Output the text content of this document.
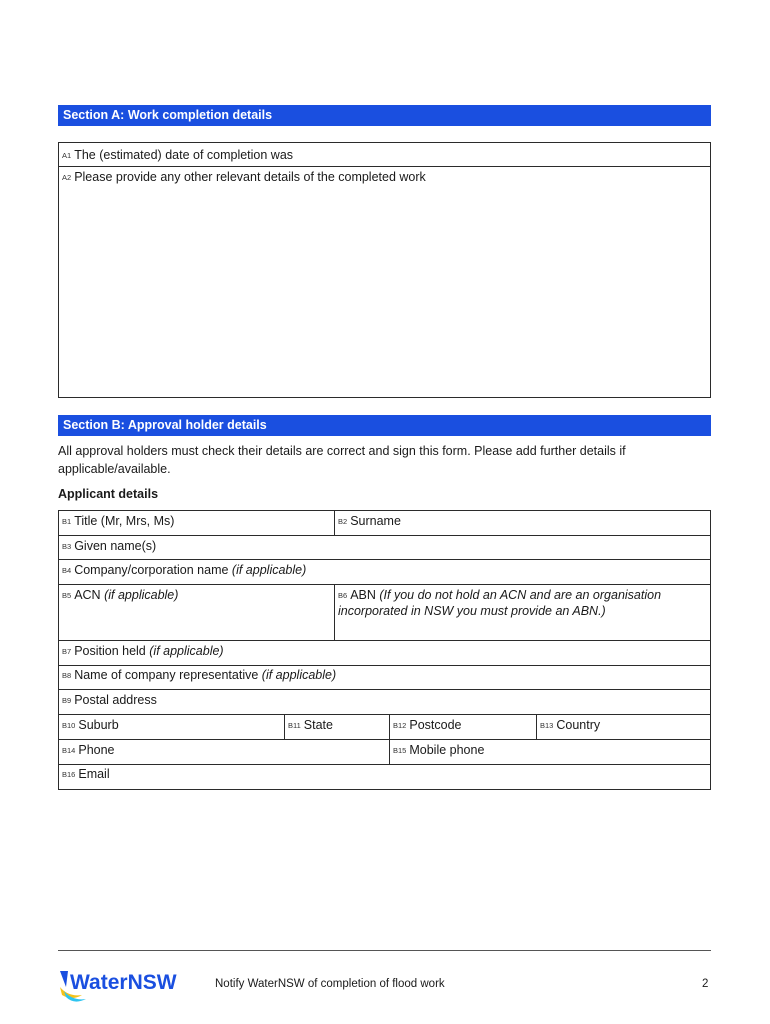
Section A: Work completion details
A1 The (estimated) date of completion was
A2 Please provide any other relevant details of the completed work
Section B: Approval holder details
All approval holders must check their details are correct and sign this form. Please add further details if applicable/available.
Applicant details
B1 Title (Mr, Mrs, Ms)	B2 Surname
B3 Given name(s)
B4 Company/corporation name (if applicable)
B5 ACN (if applicable)	B6 ABN (If you do not hold an ACN and are an organisation
incorporated in NSW you must provide an ABN.)
B7 Position held (if applicable)
B8 Name of company representative (if applicable)
B9 Postal address
B10 Suburb	B11 State	B12 Postcode	B13 Country
B14 Phone	B15 Mobile phone
B16 Email
WaterNSW	Notify WaterNSW of completion of flood work	2
